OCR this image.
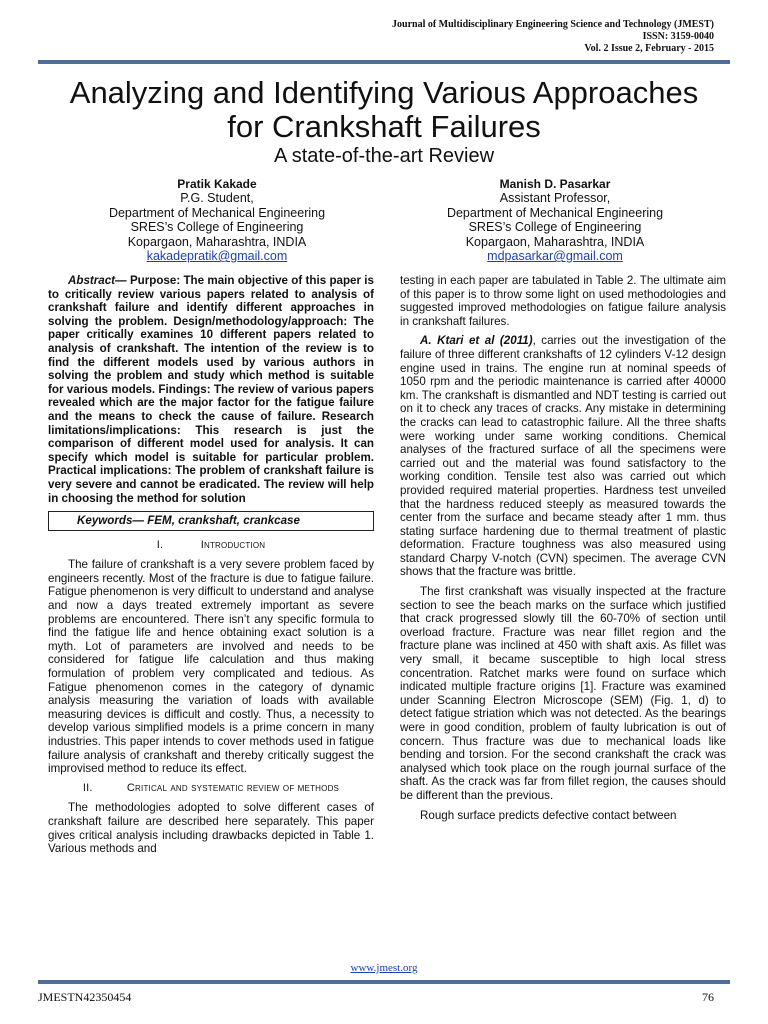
Journal of Multidisciplinary Engineering Science and Technology (JMEST)
ISSN: 3159-0040
Vol. 2 Issue 2, February - 2015
Analyzing and Identifying Various Approaches
for Crankshaft Failures
A state-of-the-art Review
Pratik Kakade
P.G. Student,
Department of Mechanical Engineering
SRES’s College of Engineering
Kopargaon, Maharashtra, INDIA
kakadepratik@gmail.com
Manish D. Pasarkar
Assistant Professor,
Department of Mechanical Engineering
SRES’s College of Engineering
Kopargaon, Maharashtra, INDIA
mdpasarkar@gmail.com

Abstract— Purpose: The main objective of this paper is to critically review various papers related to analysis of crankshaft failure and identify different approaches in solving the problem. Design/methodology/approach: The paper critically examines 10 different papers related to analysis of crankshaft. The intention of the review is to find the different models used by various authors in solving the problem and study which method is suitable for various models. Findings: The review of various papers revealed which are the major factor for the fatigue failure and the means to check the cause of failure. Research limitations/implications: This research is just the comparison of different model used for analysis. It can specify which model is suitable for particular problem. Practical implications: The problem of crankshaft failure is very severe and cannot be eradicated. The review will help in choosing the method for solution

Keywords— FEM, crankshaft, crankcase

I.	Introduction

The failure of crankshaft is a very severe problem faced by engineers recently. Most of the fracture is due to fatigue failure. Fatigue phenomenon is very difficult to understand and analyse and now a days treated extremely important as severe problems are encountered. There isn’t any specific formula to find the fatigue life and hence obtaining exact solution is a myth. Lot of parameters are involved and needs to be considered for fatigue life calculation and thus making formulation of problem very complicated and tedious. As Fatigue phenomenon comes in the category of dynamic analysis measuring the variation of loads with available measuring devices is difficult and costly. Thus, a necessity to develop various simplified models is a prime concern in many industries. This paper intends to cover methods used in fatigue failure analysis of crankshaft and thereby critically suggest the improvised method to reduce its effect.

II.	Critical and systematic review of methods

The methodologies adopted to solve different cases of crankshaft failure are described here separately. This paper gives critical analysis including drawbacks depicted in Table 1. Various methods and

testing in each paper are tabulated in Table 2. The ultimate aim of this paper is to throw some light on used methodologies and suggested improved methodologies on fatigue failure analysis in crankshaft failures.

A. Ktari et al (2011), carries out the investigation of the failure of three different crankshafts of 12 cylinders V-12 design engine used in trains. The engine run at nominal speeds of 1050 rpm and the periodic maintenance is carried after 40000 km. The crankshaft is dismantled and NDT testing is carried out on it to check any traces of cracks. Any mistake in determining the cracks can lead to catastrophic failure. All the three shafts were working under same working conditions. Chemical analyses of the fractured surface of all the specimens were carried out and the material was found satisfactory to the working condition. Tensile test also was carried out which provided required material properties. Hardness test unveiled that the hardness reduced steeply as measured towards the center from the surface and became steady after 1 mm. thus stating surface hardening due to thermal treatment of plastic deformation. Fracture toughness was also measured using standard Charpy V-notch (CVN) specimen. The average CVN shows that the fracture was brittle.

The first crankshaft was visually inspected at the fracture section to see the beach marks on the surface which justified that crack progressed slowly till the 60-70% of section until overload fracture. Fracture was near fillet region and the fracture plane was inclined at 450 with shaft axis. As fillet was very small, it became susceptible to high local stress concentration. Ratchet marks were found on surface which indicated multiple fracture origins [1]. Fracture was examined under Scanning Electron Microscope (SEM) (Fig. 1, d) to detect fatigue striation which was not detected. As the bearings were in good condition, problem of faulty lubrication is out of concern. Thus fracture was due to mechanical loads like bending and torsion. For the second crankshaft the crack was analysed which took place on the rough journal surface of the shaft. As the crack was far from fillet region, the causes should be different than the previous.

Rough surface predicts defective contact between

www.jmest.org
JMESTN42350454	76
